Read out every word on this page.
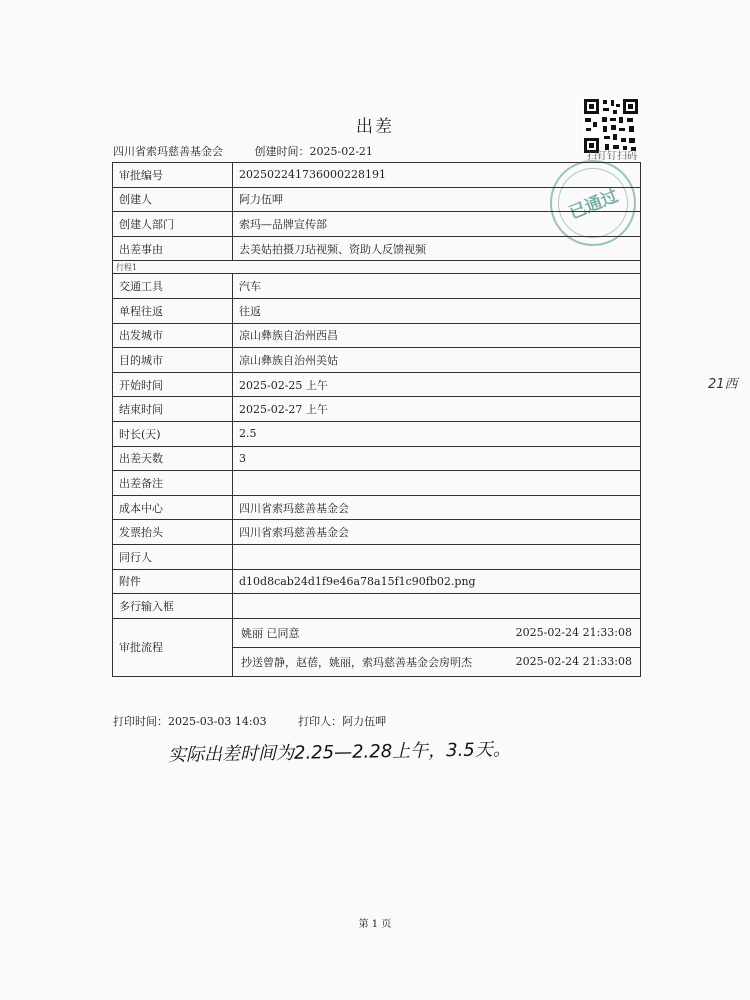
出差
四川省索玛慈善基金会	创建时间：2025-02-21	扫钉钉扫码
已通过
审批编号	202502241736000228191
创建人	阿力伍呷
创建人部门	索玛—品牌宣传部
出差事由	去美姑拍摄刀玷视频、资助人反馈视频
行程1	
交通工具	汽车
单程往返	往返
出发城市	凉山彝族自治州西昌
目的城市	凉山彝族自治州美姑
开始时间	2025-02-25 上午
结束时间	2025-02-27 上午
时长(天)	2.5
出差天数	3
出差备注	
成本中心	四川省索玛慈善基金会
发票抬头	四川省索玛慈善基金会
同行人	
附件	d10d8cab24d1f9e46a78a15f1c90fb02.png
多行输入框	
审批流程	姚丽 已同意 2025-02-24 21:33:08
抄送曾静，赵蓓，姚丽，索玛慈善基金会房明杰 2025-02-24 21:33:08
打印时间：2025-03-03 14:03	打印人：阿力伍呷
实际出差时间为2.25—2.28上午，3.5天。
21西
第 1 页
